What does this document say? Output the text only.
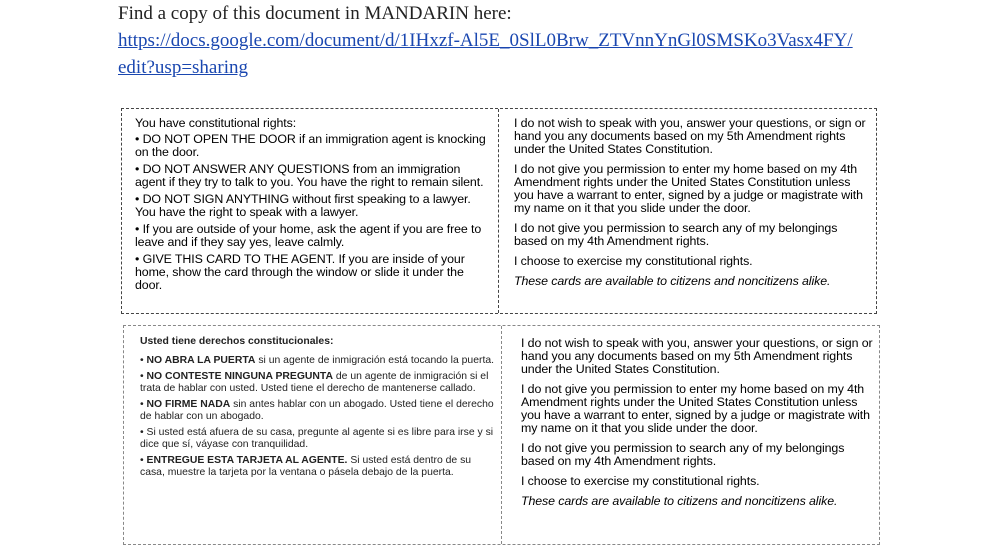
Find a copy of this document in MANDARIN here:
https://docs.google.com/document/d/1IHxzf-Al5E_0SlL0Brw_ZTVnnYnGl0SMSKo3Vasx4FY/
edit?usp=sharing

You have constitutional rights:

• DO NOT OPEN THE DOOR if an immigration agent is knocking on the door.
• DO NOT ANSWER ANY QUESTIONS from an immigration agent if they try to talk to you. You have the right to remain silent.
• DO NOT SIGN ANYTHING without first speaking to a lawyer. You have the right to speak with a lawyer.
• If you are outside of your home, ask the agent if you are free to leave and if they say yes, leave calmly.
• GIVE THIS CARD TO THE AGENT. If you are inside of your home, show the card through the window or slide it under the door.

I do not wish to speak with you, answer your questions, or sign or hand you any documents based on my 5th Amendment rights under the United States Constitution.

I do not give you permission to enter my home based on my 4th Amendment rights under the United States Constitution unless you have a warrant to enter, signed by a judge or magistrate with my name on it that you slide under the door.

I do not give you permission to search any of my belongings based on my 4th Amendment rights.

I choose to exercise my constitutional rights.

These cards are available to citizens and noncitizens alike.

Usted tiene derechos constitucionales:
• NO ABRA LA PUERTA si un agente de inmigración está tocando la puerta.
• NO CONTESTE NINGUNA PREGUNTA de un agente de inmigración si el trata de hablar con usted. Usted tiene el derecho de mantenerse callado.
• NO FIRME NADA sin antes hablar con un abogado. Usted tiene el derecho de hablar con un abogado.
• Si usted está afuera de su casa, pregunte al agente si es libre para irse y si dice que sí, váyase con tranquilidad.
• ENTREGUE ESTA TARJETA AL AGENTE. Si usted está dentro de su casa, muestre la tarjeta por la ventana o pásela debajo de la puerta.

I do not wish to speak with you, answer your questions, or sign or hand you any documents based on my 5th Amendment rights under the United States Constitution.

I do not give you permission to enter my home based on my 4th Amendment rights under the United States Constitution unless you have a warrant to enter, signed by a judge or magistrate with my name on it that you slide under the door.

I do not give you permission to search any of my belongings based on my 4th Amendment rights.

I choose to exercise my constitutional rights.

These cards are available to citizens and noncitizens alike.
